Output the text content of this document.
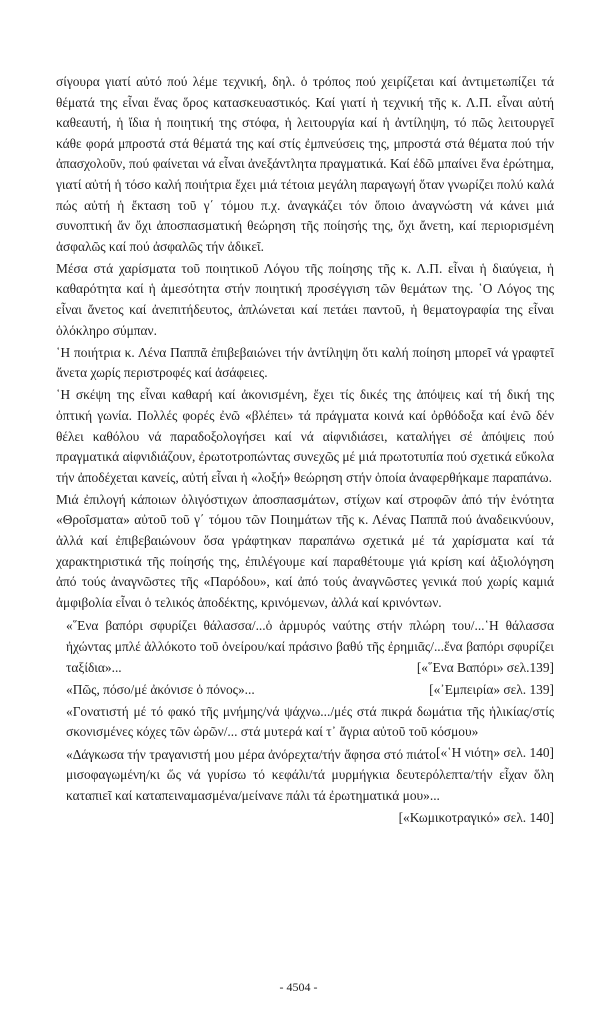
σίγουρα γιατί αὐτό πού λέμε τεχνική, δηλ. ὁ τρόπος πού χειρίζεται καί ἀντιμετωπίζει τά θέματά της εἶναι ἕνας ὅρος κατασκευαστικός. Καί γιατί ἡ τεχνική τῆς κ. Λ.Π. εἶναι αὐτή καθεαυτή, ἡ ἴδια ἡ ποιητική της στόφα, ἡ λειτουργία καί ἡ ἀντίληψη, τό πῶς λειτουργεῖ κάθε φορά μπροστά στά θέματά της καί στίς ἐμπνεύσεις της, μπροστά στά θέματα πού τήν ἀπασχολοῦν, πού φαίνεται νά εἶναι ἀνεξάντλητα πραγματικά. Καί ἐδῶ μπαίνει ἕνα ἐρώτημα, γιατί αὐτή ἡ τόσο καλή ποιήτρια ἔχει μιά τέτοια μεγάλη παραγωγή ὅταν γνωρίζει πολύ καλά πώς αὐτή ἡ ἔκταση τοῦ γ΄ τόμου π.χ. ἀναγκάζει τόν ὅποιο ἀναγνώστη νά κάνει μιά συνοπτική ἄν ὄχι ἀποσπασματική θεώρηση τῆς ποίησής της, ὄχι ἄνετη, καί περιορισμένη ἀσφαλῶς καί πού ἀσφαλῶς τήν ἀδικεῖ.

Μέσα στά χαρίσματα τοῦ ποιητικοῦ Λόγου τῆς ποίησης τῆς κ. Λ.Π. εἶναι ἡ διαύγεια, ἡ καθαρότητα καί ἡ ἀμεσότητα στήν ποιητική προσέγγιση τῶν θεμάτων της. ῾Ο Λόγος της εἶναι ἄνετος καί ἀνεπιτήδευτος, ἁπλώνεται καί πετάει παντοῦ, ἡ θεματογραφία της εἶναι ὁλόκληρο σύμπαν.

῾Η ποιήτρια κ. Λένα Παππᾶ ἐπιβεβαιώνει τήν ἀντίληψη ὅτι καλή ποίηση μπορεῖ νά γραφτεῖ ἄνετα χωρίς περιστροφές καί ἀσάφειες.

῾Η σκέψη της εἶναι καθαρή καί ἀκονισμένη, ἔχει τίς δικές της ἀπόψεις καί τή δική της ὀπτική γωνία. Πολλές φορές ἐνῶ «βλέπει» τά πράγματα κοινά καί ὀρθόδοξα καί ἐνῶ δέν θέλει καθόλου νά παραδοξολογήσει καί νά αἰφνιδιάσει, καταλήγει σέ ἀπόψεις πού πραγματικά αἰφνιδιάζουν, ἐρωτοτροπώντας συνεχῶς μέ μιά πρωτοτυπία πού σχετικά εὔκολα τήν ἀποδέχεται κανείς, αὐτή εἶναι ἡ «λοξή» θεώρηση στήν ὁποία ἀναφερθήκαμε παραπάνω.

Μιά ἐπιλογή κάποιων ὀλιγόστιχων ἀποσπασμάτων, στίχων καί στροφῶν ἀπό τήν ἑνότητα «Θροΐσματα» αὐτοῦ τοῦ γ΄ τόμου τῶν Ποιημάτων τῆς κ. Λένας Παππᾶ πού ἀναδεικνύουν, ἀλλά καί ἐπιβεβαιώνουν ὅσα γράφτηκαν παραπάνω σχετικά μέ τά χαρίσματα καί τά χαρακτηριστικά τῆς ποίησής της, ἐπιλέγουμε καί παραθέτουμε γιά κρίση καί ἀξιολόγηση ἀπό τούς ἀναγνῶστες τῆς «Παρόδου», καί ἀπό τούς ἀναγνῶστες γενικά πού χωρίς καμιά ἀμφιβολία εἶναι ὁ τελικός ἀποδέκτης, κρινόμενων, ἀλλά καί κρινόντων.

«῞Ενα βαπόρι σφυρίζει θάλασσα/...ὁ ἁρμυρός ναύτης στήν πλώρη του/...῾Η θάλασσα ἠχώντας μπλέ ἀλλόκοτο τοῦ ὀνείρου/καί πράσινο βαθύ τῆς ἐρημιᾶς/...ἕνα βαπόρι σφυρίζει ταξίδια»...	[«῞Ενα Βαπόρι» σελ.139]

«Πῶς, πόσο/μέ ἀκόνισε ὁ πόνος»...	[«᾿Εμπειρία» σελ. 139]

«Γονατιστή μέ τό φακό τῆς μνήμης/νά ψάχνω.../μές στά πικρά δωμάτια τῆς ἡλικίας/στίς σκονισμένες κόχες τῶν ὡρῶν/... στά μυτερά καί τ᾿ ἄγρια αὐτοῦ τοῦ κόσμου»
[«῾Η νιότη» σελ. 140]

«Δάγκωσα τήν τραγανιστή μου μέρα ἀνόρεχτα/τήν ἄφησα στό πιάτο μισοφαγωμένη/κι ὥς νά γυρίσω τό κεφάλι/τά μυρμήγκια δευτερόλεπτα/τήν εἶχαν ὅλη καταπιεῖ καί καταπειναμασμένα/μείνανε πάλι τά ἐρωτηματικά μου»...

[«Κωμικοτραγικό» σελ. 140]

- 4504 -
